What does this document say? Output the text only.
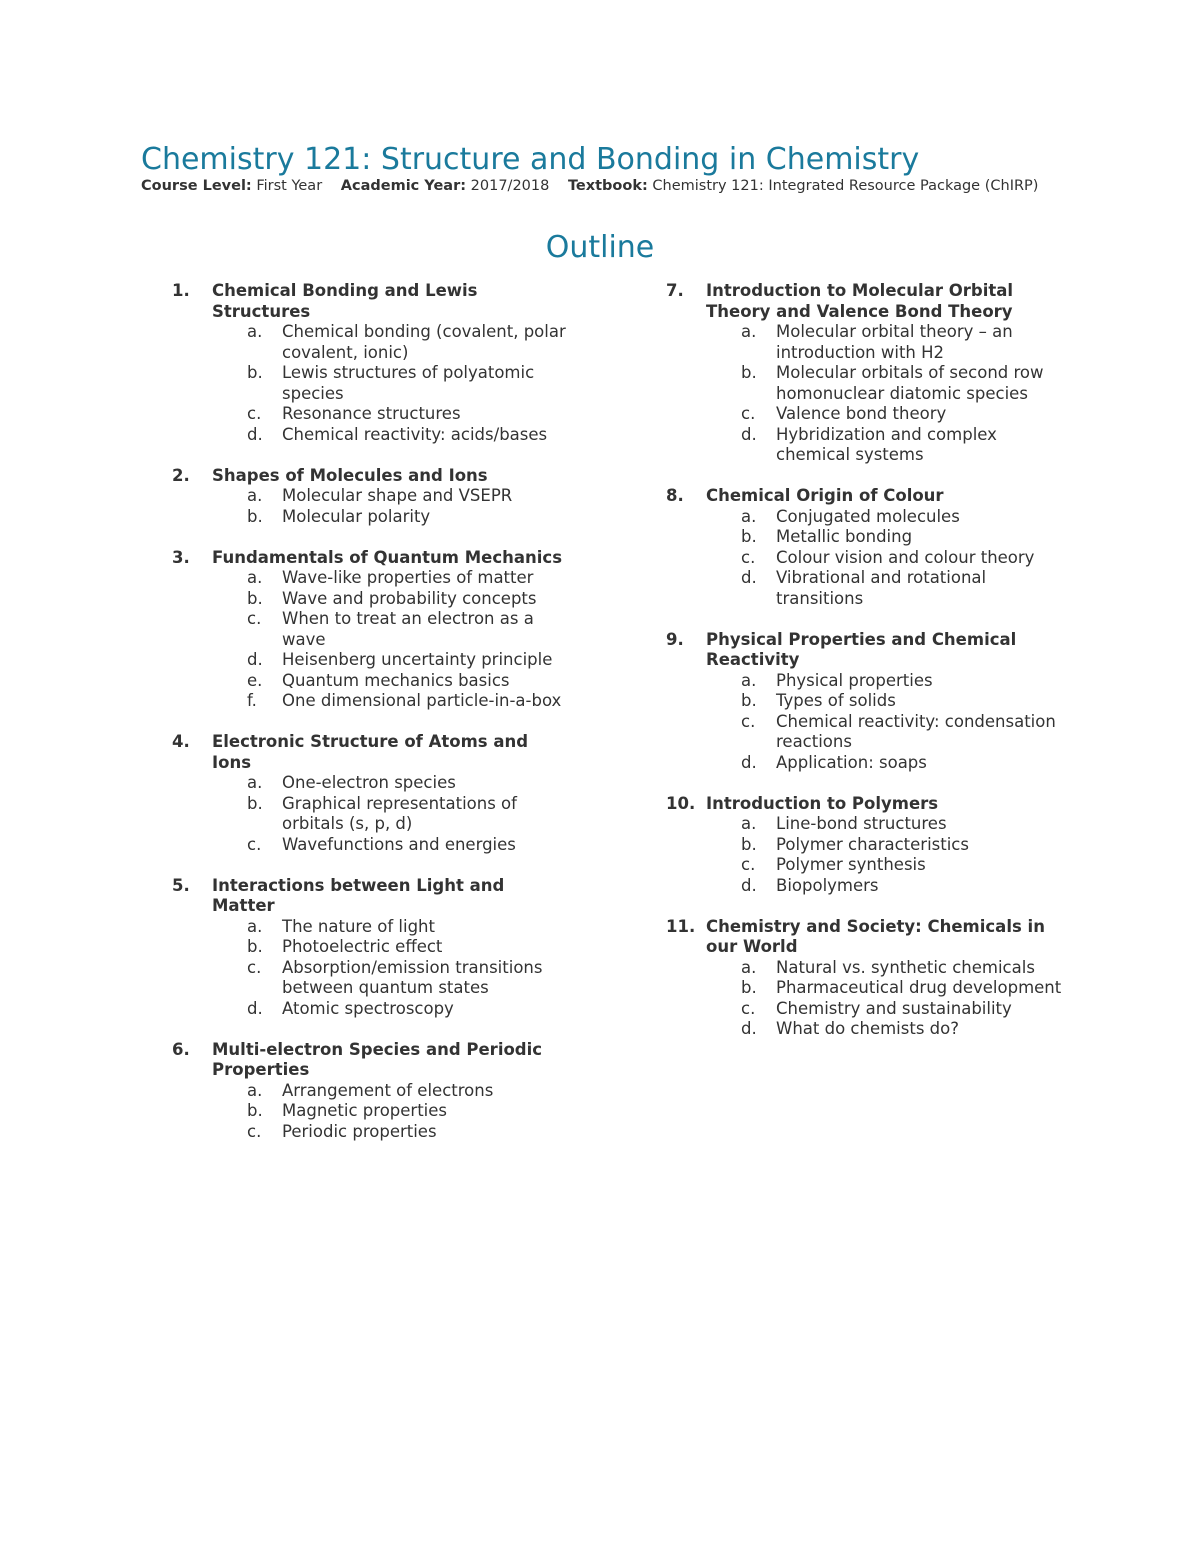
Chemistry 121: Structure and Bonding in Chemistry
Course Level: First Year Academic Year: 2017/2018 Textbook: Chemistry 121: Integrated Resource Package (ChIRP)
Outline
1.	Chemical Bonding and Lewis Structures
a.	Chemical bonding (covalent, polar covalent, ionic)
b.	Lewis structures of polyatomic species
c.	Resonance structures
d.	Chemical reactivity: acids/bases
2.	Shapes of Molecules and Ions
a.	Molecular shape and VSEPR
b.	Molecular polarity
3.	Fundamentals of Quantum Mechanics
a.	Wave-like properties of matter
b.	Wave and probability concepts
c.	When to treat an electron as a wave
d.	Heisenberg uncertainty principle
e.	Quantum mechanics basics
f.	One dimensional particle-in-a-box
4.	Electronic Structure of Atoms and Ions
a.	One-electron species
b.	Graphical representations of orbitals (s, p, d)
c.	Wavefunctions and energies
5.	Interactions between Light and Matter
a.	The nature of light
b.	Photoelectric effect
c.	Absorption/emission transitions between quantum states
d.	Atomic spectroscopy
6.	Multi-electron Species and Periodic Properties
a.	Arrangement of electrons
b.	Magnetic properties
c.	Periodic properties
7.	Introduction to Molecular Orbital Theory and Valence Bond Theory
a.	Molecular orbital theory – an introduction with H2
b.	Molecular orbitals of second row homonuclear diatomic species
c.	Valence bond theory
d.	Hybridization and complex chemical systems
8.	Chemical Origin of Colour
a.	Conjugated molecules
b.	Metallic bonding
c.	Colour vision and colour theory
d.	Vibrational and rotational transitions
9.	Physical Properties and Chemical Reactivity
a.	Physical properties
b.	Types of solids
c.	Chemical reactivity: condensation reactions
d.	Application: soaps
10. Introduction to Polymers
a.	Line-bond structures
b.	Polymer characteristics
c.	Polymer synthesis
d.	Biopolymers
11. Chemistry and Society: Chemicals in our World
a.	Natural vs. synthetic chemicals
b.	Pharmaceutical drug development
c.	Chemistry and sustainability
d.	What do chemists do?
